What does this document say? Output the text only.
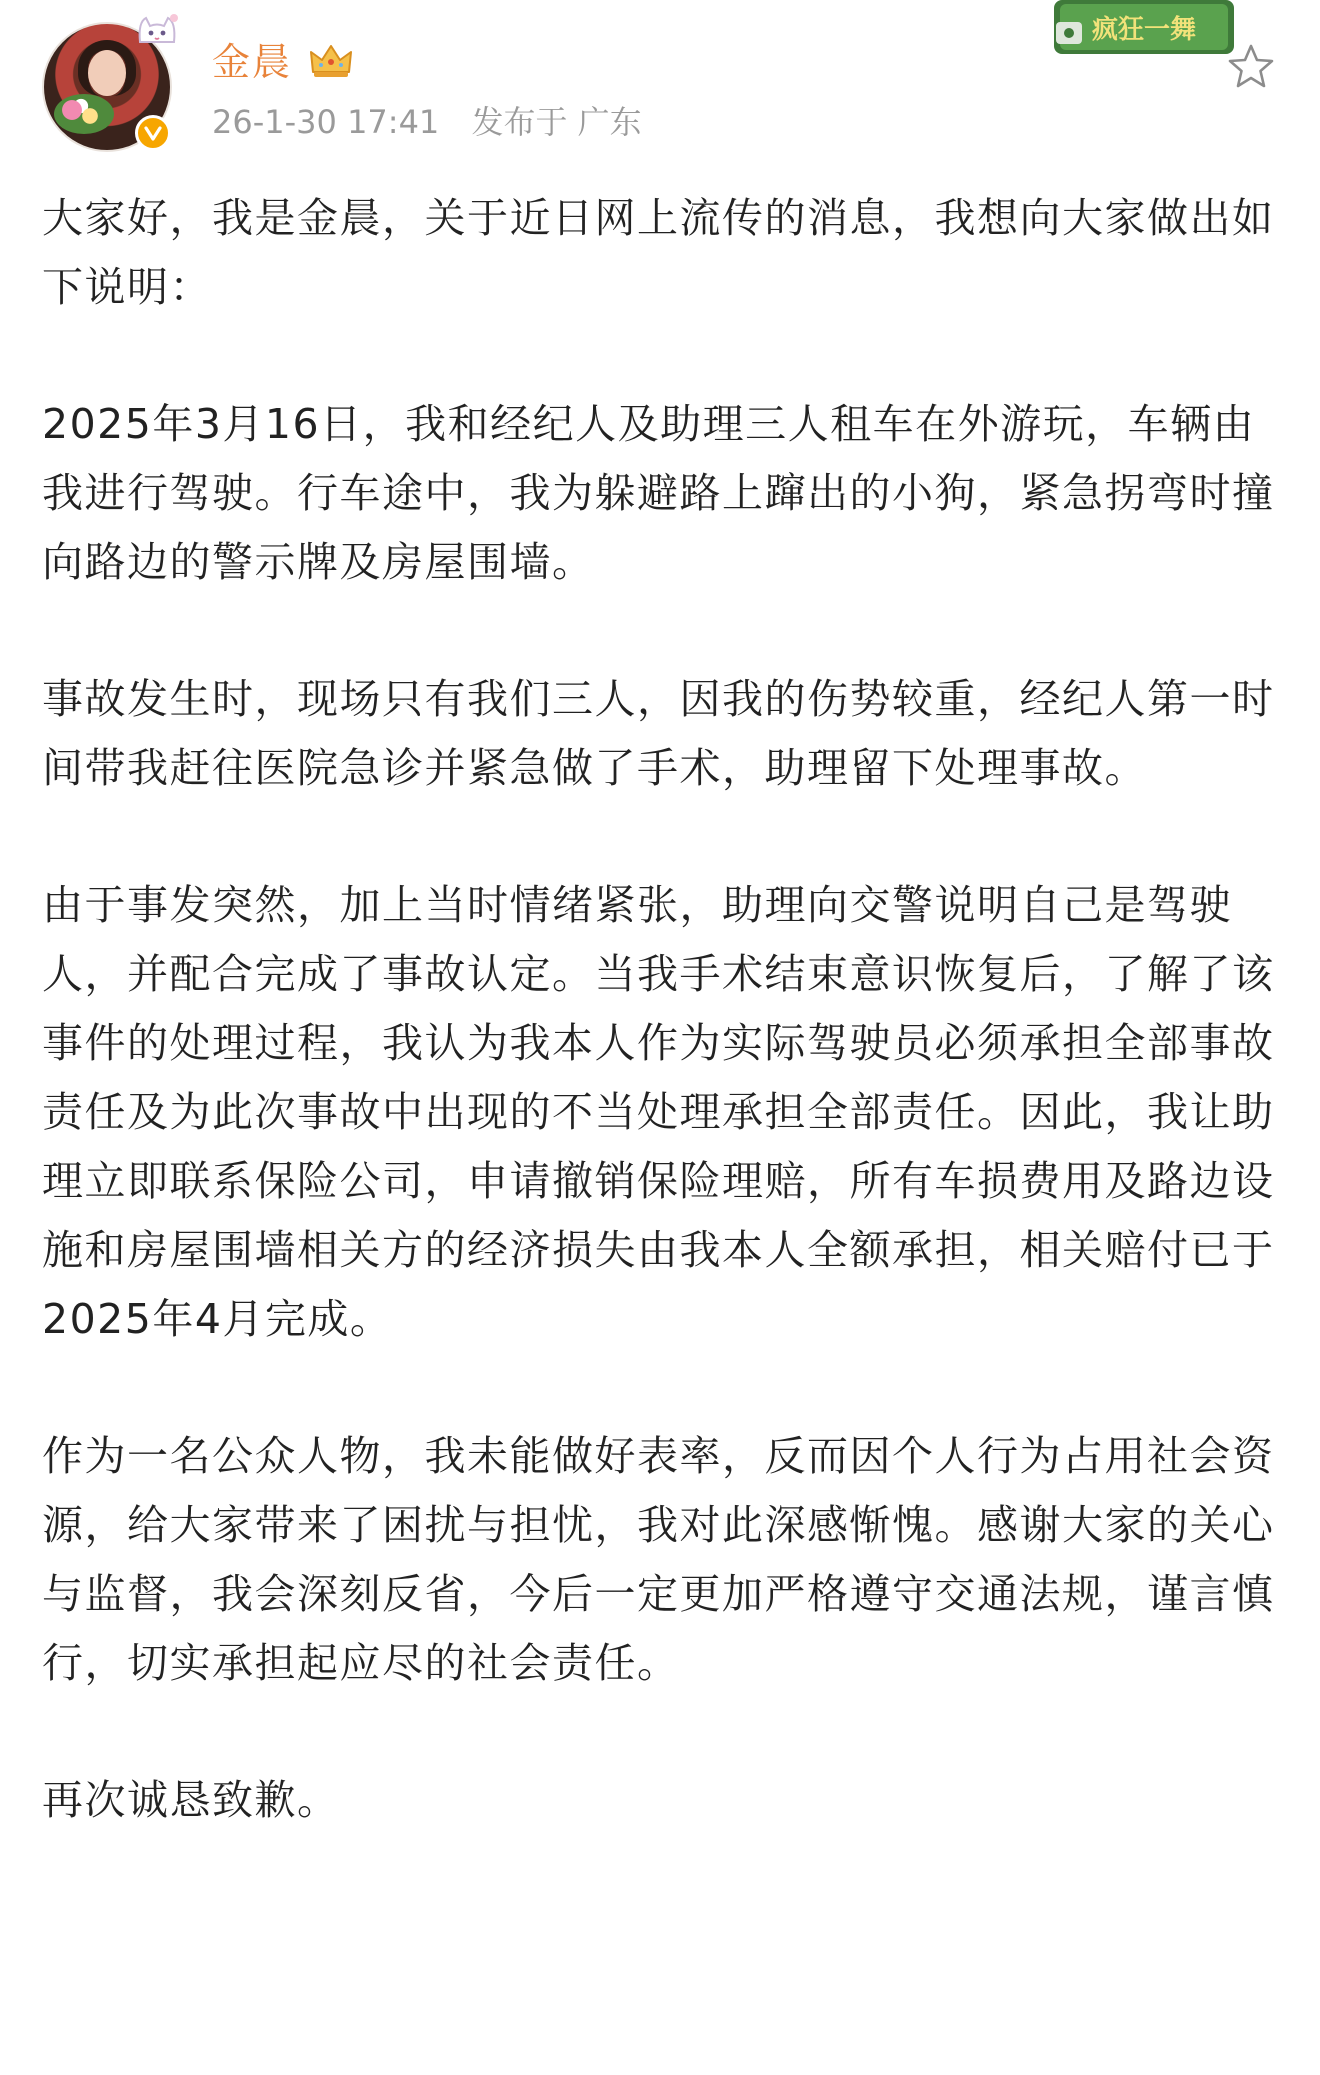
金晨
26-1-30 17:41 发布于 广东
疯狂一舞

大家好，我是金晨，关于近日网上流传的消息，我想向大家做出如下说明：

2025年3月16日，我和经纪人及助理三人租车在外游玩，车辆由我进行驾驶。行车途中，我为躲避路上蹿出的小狗，紧急拐弯时撞向路边的警示牌及房屋围墙。

事故发生时，现场只有我们三人，因我的伤势较重，经纪人第一时间带我赶往医院急诊并紧急做了手术，助理留下处理事故。

由于事发突然，加上当时情绪紧张，助理向交警说明自己是驾驶人，并配合完成了事故认定。当我手术结束意识恢复后，了解了该事件的处理过程，我认为我本人作为实际驾驶员必须承担全部事故责任及为此次事故中出现的不当处理承担全部责任。因此，我让助理立即联系保险公司，申请撤销保险理赔，所有车损费用及路边设施和房屋围墙相关方的经济损失由我本人全额承担，相关赔付已于2025年4月完成。

作为一名公众人物，我未能做好表率，反而因个人行为占用社会资源，给大家带来了困扰与担忧，我对此深感惭愧。感谢大家的关心与监督，我会深刻反省，今后一定更加严格遵守交通法规，谨言慎行，切实承担起应尽的社会责任。

再次诚恳致歉。
